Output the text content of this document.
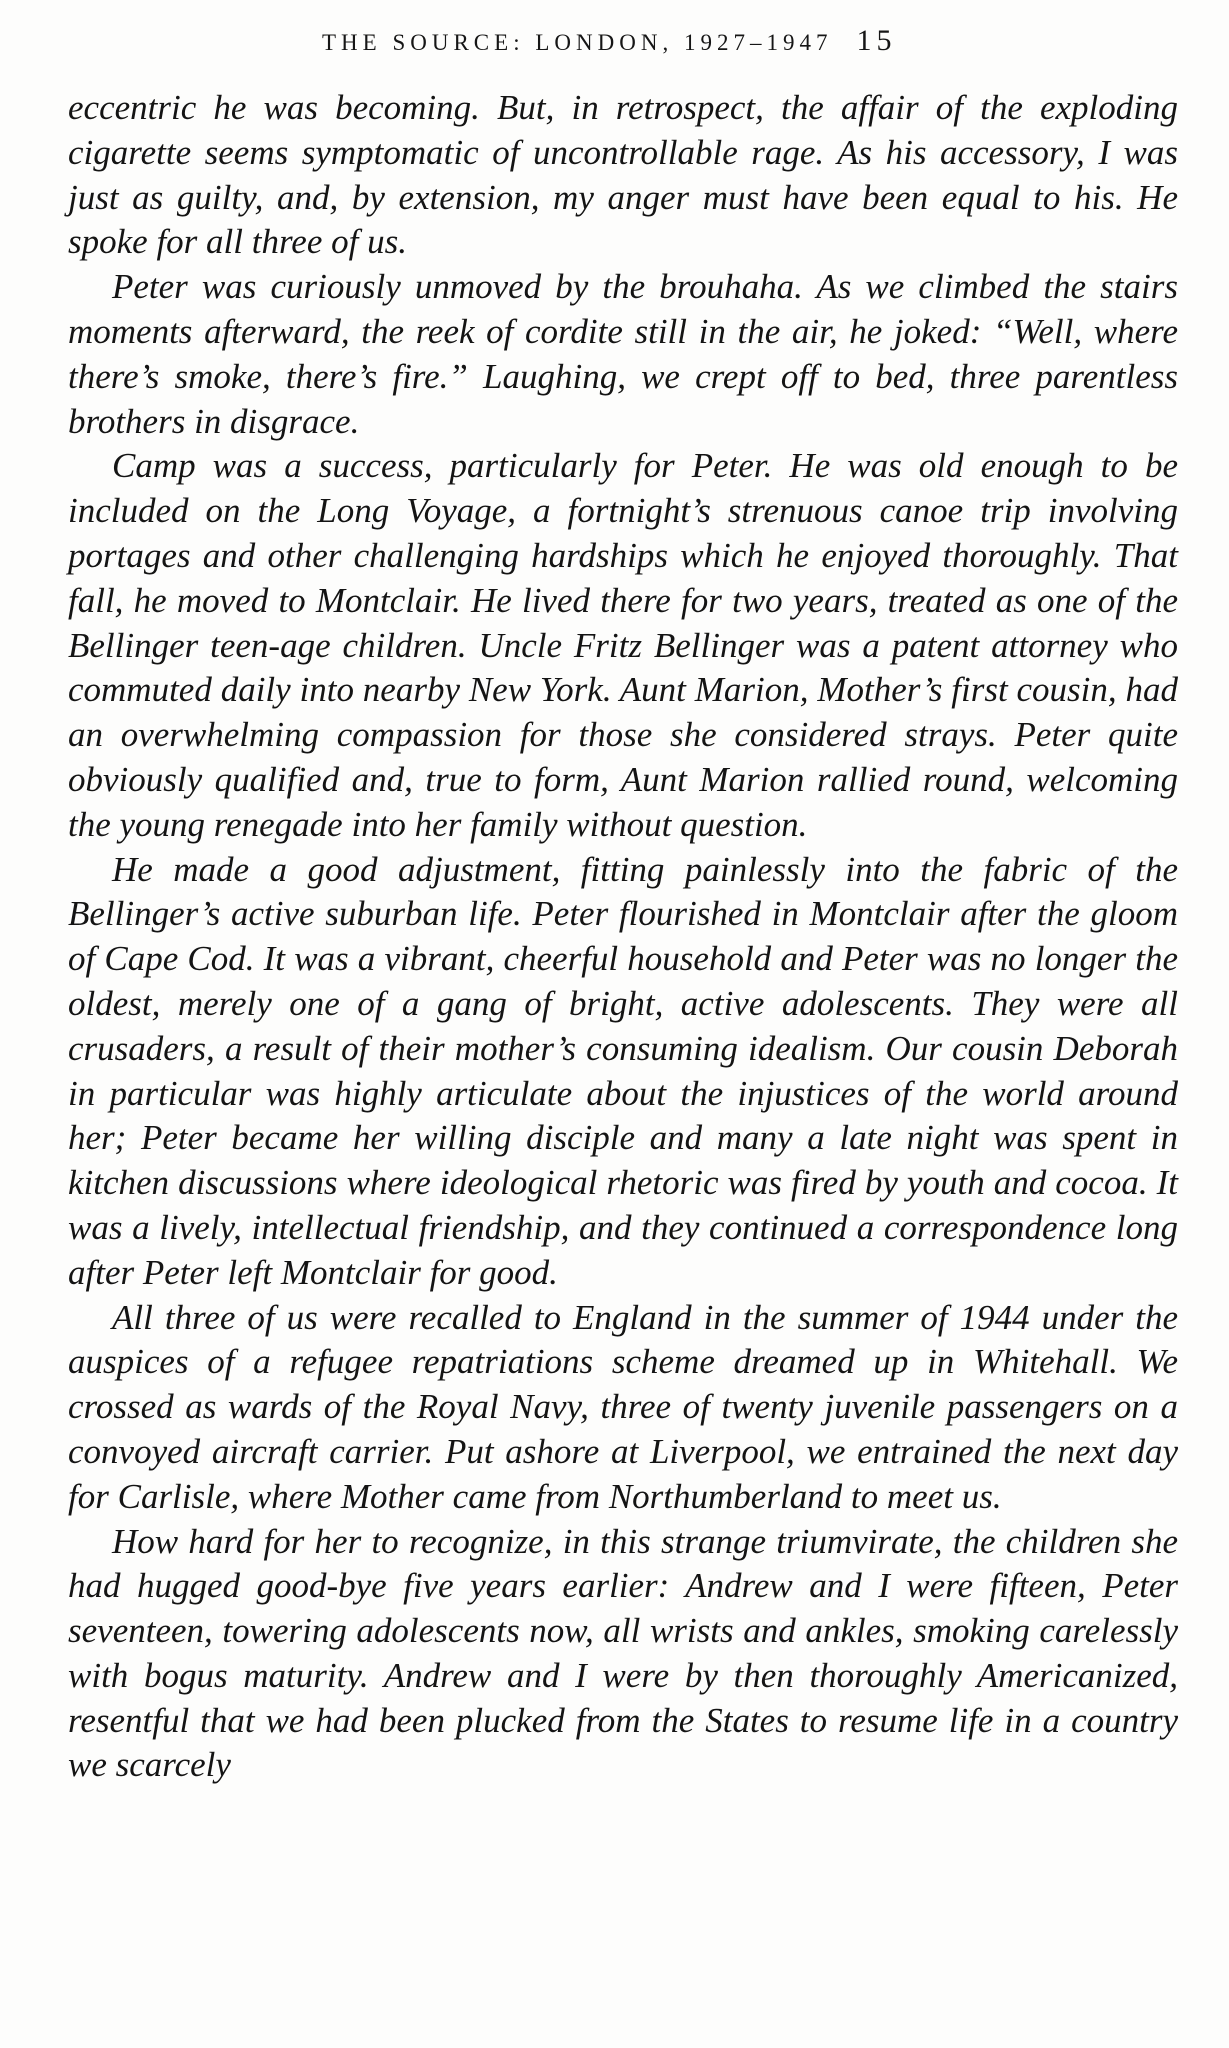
THE SOURCE: LONDON, 1927–1947 15

eccentric he was becoming. But, in retrospect, the affair of the exploding cigarette seems symptomatic of uncontrollable rage. As his accessory, I was just as guilty, and, by extension, my anger must have been equal to his. He spoke for all three of us.

Peter was curiously unmoved by the brouhaha. As we climbed the stairs moments afterward, the reek of cordite still in the air, he joked: “Well, where there’s smoke, there’s fire.” Laughing, we crept off to bed, three parentless brothers in disgrace.

Camp was a success, particularly for Peter. He was old enough to be included on the Long Voyage, a fortnight’s strenuous canoe trip involving portages and other challenging hardships which he enjoyed thoroughly. That fall, he moved to Montclair. He lived there for two years, treated as one of the Bellinger teen-age children. Uncle Fritz Bellinger was a patent attorney who commuted daily into nearby New York. Aunt Marion, Mother’s first cousin, had an overwhelming compassion for those she considered strays. Peter quite obviously qualified and, true to form, Aunt Marion rallied round, welcoming the young renegade into her family without question.

He made a good adjustment, fitting painlessly into the fabric of the Bellinger’s active suburban life. Peter flourished in Montclair after the gloom of Cape Cod. It was a vibrant, cheerful household and Peter was no longer the oldest, merely one of a gang of bright, active adolescents. They were all crusaders, a result of their mother’s consuming idealism. Our cousin Deborah in particular was highly articulate about the injustices of the world around her; Peter became her willing disciple and many a late night was spent in kitchen discussions where ideological rhetoric was fired by youth and cocoa. It was a lively, intellectual friendship, and they continued a correspondence long after Peter left Montclair for good.

All three of us were recalled to England in the summer of 1944 under the auspices of a refugee repatriations scheme dreamed up in Whitehall. We crossed as wards of the Royal Navy, three of twenty juvenile passengers on a convoyed aircraft carrier. Put ashore at Liverpool, we entrained the next day for Carlisle, where Mother came from Northumberland to meet us.

How hard for her to recognize, in this strange triumvirate, the children she had hugged good-bye five years earlier: Andrew and I were fifteen, Peter seventeen, towering adolescents now, all wrists and ankles, smoking carelessly with bogus maturity. Andrew and I were by then thoroughly Americanized, resentful that we had been plucked from the States to resume life in a country we scarcely
